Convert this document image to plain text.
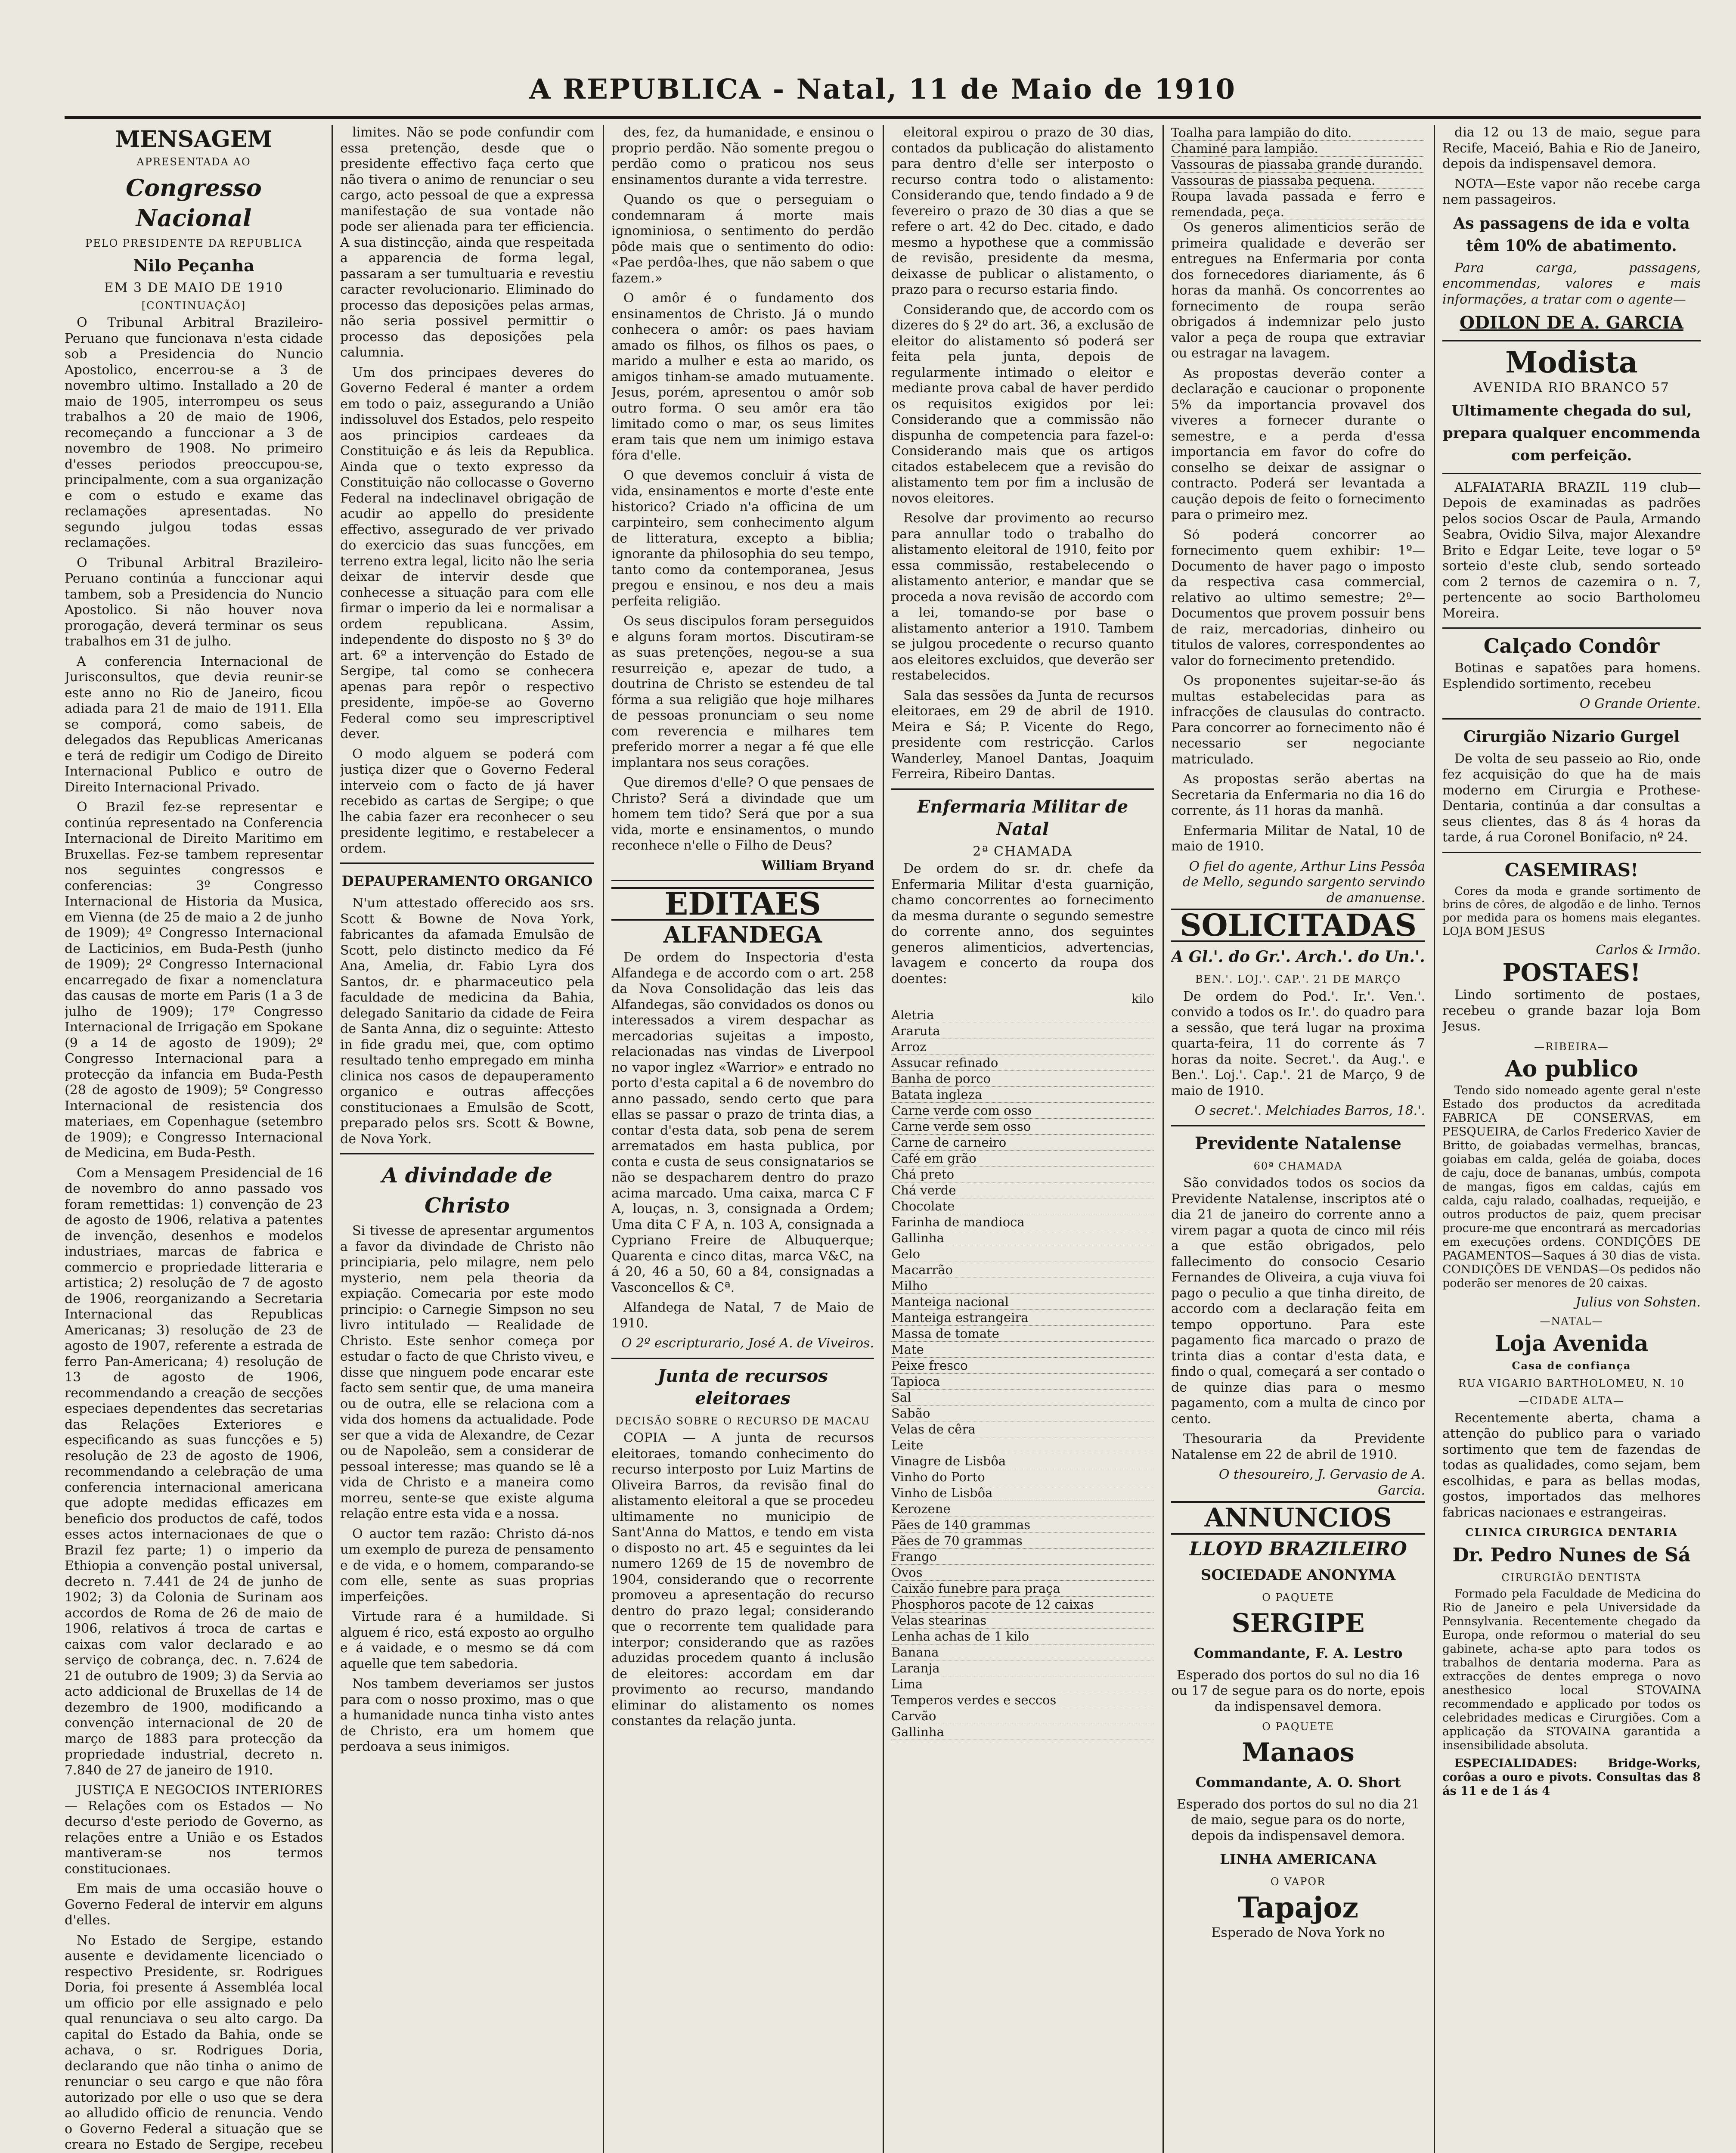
A REPUBLICA - Natal, 11 de Maio de 1910
MENSAGEM
APRESENTADA AO
Congresso Nacional
PELO PRESIDENTE DA REPUBLICA
Nilo Peçanha
EM 3 DE MAIO DE 1910
[CONTINUAÇÃO]

O Tribunal Arbitral Brazileiro-Peruano que funcionava n'esta cidade sob a Presidencia do Nuncio Apostolico, encerrou-se a 3 de novembro ultimo. Installado a 20 de maio de 1905, interrompeu os seus trabalhos a 20 de maio de 1906, recomeçando a funccionar a 3 de novembro de 1908. No primeiro d'esses periodos preoccupou-se, principalmente, com a sua organização e com o estudo e exame das reclamações apresentadas. No segundo julgou todas essas reclamações.

O Tribunal Arbitral Brazileiro-Peruano continúa a funccionar aqui tambem, sob a Presidencia do Nuncio Apostolico. Si não houver nova prorogação, deverá terminar os seus trabalhos em 31 de julho.

A conferencia Internacional de Jurisconsultos, que devia reunir-se este anno no Rio de Janeiro, ficou adiada para 21 de maio de 1911. Ella se comporá, como sabeis, de delegados das Republicas Americanas e terá de redigir um Codigo de Direito Internacional Publico e outro de Direito Internacional Privado.

O Brazil fez-se representar e continúa representado na Conferencia Internacional de Direito Maritimo em Bruxellas. Fez-se tambem representar nos seguintes congressos e conferencias: 3º Congresso Internacional de Historia da Musica, em Vienna (de 25 de maio a 2 de junho de 1909); 4º Congresso Internacional de Lacticinios, em Buda-Pesth (junho de 1909); 2º Congresso Internacional encarregado de fixar a nomenclatura das causas de morte em Paris (1 a 3 de julho de 1909); 17º Congresso Internacional de Irrigação em Spokane (9 a 14 de agosto de 1909); 2º Congresso Internacional para a protecção da infancia em Buda-Pesth (28 de agosto de 1909); 5º Congresso Internacional de resistencia dos materiaes, em Copenhague (setembro de 1909); e Congresso Internacional de Medicina, em Buda-Pesth.

Com a Mensagem Presidencial de 16 de novembro do anno passado vos foram remettidas: 1) convenção de 23 de agosto de 1906, relativa a patentes de invenção, desenhos e modelos industriaes, marcas de fabrica e commercio e propriedade litteraria e artistica; 2) resolução de 7 de agosto de 1906, reorganizando a Secretaria Internacional das Republicas Americanas; 3) resolução de 23 de agosto de 1907, referente a estrada de ferro Pan-Americana; 4) resolução de 13 de agosto de 1906, recommendando a creação de secções especiaes dependentes das secretarias das Relações Exteriores e especificando as suas funcções e 5) resolução de 23 de agosto de 1906, recommendando a celebração de uma conferencia internacional americana que adopte medidas efficazes em beneficio dos productos de café, todos esses actos internacionaes de que o Brazil fez parte; 1) o imperio da Ethiopia a convenção postal universal, decreto n. 7.441 de 24 de junho de 1902; 3) da Colonia de Surinam aos accordos de Roma de 26 de maio de 1906, relativos á troca de cartas e caixas com valor declarado e ao serviço de cobrança, dec. n. 7.624 de 21 de outubro de 1909; 3) da Servia ao acto addicional de Bruxellas de 14 de dezembro de 1900, modificando a convenção internacional de 20 de março de 1883 para protecção da propriedade industrial, decreto n. 7.840 de 27 de janeiro de 1910.

JUSTIÇA E NEGOCIOS INTERIORES — Relações com os Estados — No decurso d'este periodo de Governo, as relações entre a União e os Estados mantiveram-se nos termos constitucionaes.

Em mais de uma occasião houve o Governo Federal de intervir em alguns d'elles.

No Estado de Sergipe, estando ausente e devidamente licenciado o respectivo Presidente, sr. Rodrigues Doria, foi presente á Assembléa local um officio por elle assignado e pelo qual renunciava o seu alto cargo. Da capital do Estado da Bahia, onde se achava, o sr. Rodrigues Doria, declarando que não tinha o animo de renunciar o seu cargo e que não fôra autorizado por elle o uso que se dera ao alludido officio de renuncia. Vendo o Governo Federal a situação que se creara no Estado de Sergipe, recebeu

limites. Não se pode confundir com essa pretenção, desde que o presidente effectivo faça certo que não tivera o animo de renunciar o seu cargo, acto pessoal de que a expressa manifestação de sua vontade não pode ser alienada para ter efficiencia. A sua distincção, ainda que respeitada a apparencia de forma legal, passaram a ser tumultuaria e revestiu caracter revolucionario. Eliminado do processo das deposições pelas armas, não seria possivel permittir o processo das deposições pela calumnia.

Um dos principaes deveres do Governo Federal é manter a ordem em todo o paiz, assegurando a União indissoluvel dos Estados, pelo respeito aos principios cardeaes da Constituição e ás leis da Republica. Ainda que o texto expresso da Constituição não collocasse o Governo Federal na indeclinavel obrigação de acudir ao appello do presidente effectivo, assegurado de ver privado do exercicio das suas funcções, em terreno extra legal, licito não lhe seria deixar de intervir desde que conhecesse a situação para com elle firmar o imperio da lei e normalisar a ordem republicana. Assim, independente do disposto no § 3º do art. 6º a intervenção do Estado de Sergipe, tal como se conhecera apenas para repôr o respectivo presidente, impõe-se ao Governo Federal como seu imprescriptivel dever.

O modo alguem se poderá com justiça dizer que o Governo Federal interveio com o facto de já haver recebido as cartas de Sergipe; o que lhe cabia fazer era reconhecer o seu presidente legitimo, e restabelecer a ordem.

DEPAUPERAMENTO ORGANICO

N'um attestado offerecido aos srs. Scott & Bowne de Nova York, fabricantes da afamada Emulsão de Scott, pelo distincto medico da Fé Ana, Amelia, dr. Fabio Lyra dos Santos, dr. e pharmaceutico pela faculdade de medicina da Bahia, delegado Sanitario da cidade de Feira de Santa Anna, diz o seguinte: Attesto in fide gradu mei, que, com optimo resultado tenho empregado em minha clinica nos casos de depauperamento organico e outras affecções constitucionaes a Emulsão de Scott, preparado pelos srs. Scott & Bowne, de Nova York.

A divindade de Christo

Si tivesse de apresentar argumentos a favor da divindade de Christo não principiaria, pelo milagre, nem pelo mysterio, nem pela theoria da expiação. Comecaria por este modo principio: o Carnegie Simpson no seu livro intitulado — Realidade de Christo. Este senhor começa por estudar o facto de que Christo viveu, e disse que ninguem pode encarar este facto sem sentir que, de uma maneira ou de outra, elle se relaciona com a vida dos homens da actualidade. Pode ser que a vida de Alexandre, de Cezar ou de Napoleão, sem a considerar de pessoal interesse; mas quando se lê a vida de Christo e a maneira como morreu, sente-se que existe alguma relação entre esta vida e a nossa.

O auctor tem razão: Christo dá-nos um exemplo de pureza de pensamento e de vida, e o homem, comparando-se com elle, sente as suas proprias imperfeições.

Virtude rara é a humildade. Si alguem é rico, está exposto ao orgulho e á vaidade, e o mesmo se dá com aquelle que tem sabedoria.

Nos tambem deveriamos ser justos para com o nosso proximo, mas o que a humanidade nunca tinha visto antes de Christo, era um homem que perdoava a seus inimigos.

des, fez, da humanidade, e ensinou o proprio perdão. Não somente pregou o perdão como o praticou nos seus ensinamentos durante a vida terrestre.

Quando os que o perseguiam o condemnaram á morte mais ignominiosa, o sentimento do perdão pôde mais que o sentimento do odio: «Pae perdôa-lhes, que não sabem o que fazem.»

O amôr é o fundamento dos ensinamentos de Christo. Já o mundo conhecera o amôr: os paes haviam amado os filhos, os filhos os paes, o marido a mulher e esta ao marido, os amigos tinham-se amado mutuamente. Jesus, porém, apresentou o amôr sob outro forma. O seu amôr era tão limitado como o mar, os seus limites eram tais que nem um inimigo estava fóra d'elle.

O que devemos concluir á vista de vida, ensinamentos e morte d'este ente historico? Criado n'a officina de um carpinteiro, sem conhecimento algum de litteratura, excepto a biblia; ignorante da philosophia do seu tempo, tanto como da contemporanea, Jesus pregou e ensinou, e nos deu a mais perfeita religião.

Os seus discipulos foram perseguidos e alguns foram mortos. Discutiram-se as suas pretenções, negou-se a sua resurreição e, apezar de tudo, a doutrina de Christo se estendeu de tal fórma a sua religião que hoje milhares de pessoas pronunciam o seu nome com reverencia e milhares tem preferido morrer a negar a fé que elle implantara nos seus corações.

Que diremos d'elle? O que pensaes de Christo? Será a divindade que um homem tem tido? Será que por a sua vida, morte e ensinamentos, o mundo reconhece n'elle o Filho de Deus?

William Bryand
EDITAES
ALFANDEGA

De ordem do Inspectoria d'esta Alfandega e de accordo com o art. 258 da Nova Consolidação das leis das Alfandegas, são convidados os donos ou interessados a virem despachar as mercadorias sujeitas a imposto, relacionadas nas vindas de Liverpool no vapor inglez «Warrior» e entrado no porto d'esta capital a 6 de novembro do anno passado, sendo certo que para ellas se passar o prazo de trinta dias, a contar d'esta data, sob pena de serem arrematados em hasta publica, por conta e custa de seus consignatarios se não se despacharem dentro do prazo acima marcado. Uma caixa, marca C F A, louças, n. 3, consignada a Ordem; Uma dita C F A, n. 103 A, consignada a Cypriano Freire de Albuquerque; Quarenta e cinco ditas, marca V&C, na á 20, 46 a 50, 60 a 84, consignadas a Vasconcellos & Cª.

Alfandega de Natal, 7 de Maio de 1910.

O 2º escripturario, José A. de Viveiros.
Junta de recursos eleitoraes
DECISÃO SOBRE O RECURSO DE MACAU

COPIA — A junta de recursos eleitoraes, tomando conhecimento do recurso interposto por Luiz Martins de Oliveira Barros, da revisão final do alistamento eleitoral a que se procedeu ultimamente no municipio de Sant'Anna do Mattos, e tendo em vista o disposto no art. 45 e seguintes da lei numero 1269 de 15 de novembro de 1904, considerando que o recorrente promoveu a apresentação do recurso dentro do prazo legal; considerando que o recorrente tem qualidade para interpor; considerando que as razões aduzidas procedem quanto á inclusão de eleitores: accordam em dar provimento ao recurso, mandando eliminar do alistamento os nomes constantes da relação junta.

eleitoral expirou o prazo de 30 dias, contados da publicação do alistamento para dentro d'elle ser interposto o recurso contra todo o alistamento: Considerando que, tendo findado a 9 de fevereiro o prazo de 30 dias a que se refere o art. 42 do Dec. citado, e dado mesmo a hypothese que a commissão de revisão, presidente da mesma, deixasse de publicar o alistamento, o prazo para o recurso estaria findo.

Considerando que, de accordo com os dizeres do § 2º do art. 36, a exclusão de eleitor do alistamento só poderá ser feita pela junta, depois de regularmente intimado o eleitor e mediante prova cabal de haver perdido os requisitos exigidos por lei: Considerando que a commissão não dispunha de competencia para fazel-o: Considerando mais que os artigos citados estabelecem que a revisão do alistamento tem por fim a inclusão de novos eleitores.

Resolve dar provimento ao recurso para annullar todo o trabalho do alistamento eleitoral de 1910, feito por essa commissão, restabelecendo o alistamento anterior, e mandar que se proceda a nova revisão de accordo com a lei, tomando-se por base o alistamento anterior a 1910. Tambem se julgou procedente o recurso quanto aos eleitores excluidos, que deverão ser restabelecidos.

Sala das sessões da Junta de recursos eleitoraes, em 29 de abril de 1910. Meira e Sá; P. Vicente do Rego, presidente com restricção. Carlos Wanderley, Manoel Dantas, Joaquim Ferreira, Ribeiro Dantas.

Enfermaria Militar de Natal
2ª CHAMADA

De ordem do sr. dr. chefe da Enfermaria Militar d'esta guarnição, chamo concorrentes ao fornecimento da mesma durante o segundo semestre do corrente anno, dos seguintes generos alimenticios, advertencias, lavagem e concerto da roupa dos doentes:

kilo
Aletria
Araruta
Arroz
Assucar refinado
Banha de porco
Batata ingleza
Carne verde com osso
Carne verde sem osso
Carne de carneiro
Café em grão
Chá preto
Chá verde
Chocolate
Farinha de mandioca
Gallinha
Gelo
Macarrão
Milho
Manteiga nacional
Manteiga estrangeira
Massa de tomate
Mate
Peixe fresco
Tapioca
Sal
Sabão
Velas de cêra
Leite
Vinagre de Lisbôa
Vinho do Porto
Vinho de Lisbôa
Kerozene
Pães de 140 grammas
Pães de 70 grammas
Frango
Ovos
Caixão funebre para praça
Phosphoros pacote de 12 caixas
Velas stearinas
Lenha achas de 1 kilo
Banana
Laranja
Lima
Temperos verdes e seccos
Carvão
Gallinha
Toalha para lampião do dito.
Chaminé para lampião.
Vassouras de piassaba grande durando.
Vassouras de piassaba pequena.
Roupa lavada passada e ferro e remendada, peça.

Os generos alimenticios serão de primeira qualidade e deverão ser entregues na Enfermaria por conta dos fornecedores diariamente, ás 6 horas da manhã. Os concorrentes ao fornecimento de roupa serão obrigados á indemnizar pelo justo valor a peça de roupa que extraviar ou estragar na lavagem.

As propostas deverão conter a declaração e caucionar o proponente 5% da importancia provavel dos viveres a fornecer durante o semestre, e a perda d'essa importancia em favor do cofre do conselho se deixar de assignar o contracto. Poderá ser levantada a caução depois de feito o fornecimento para o primeiro mez.

Só poderá concorrer ao fornecimento quem exhibir: 1º—Documento de haver pago o imposto da respectiva casa commercial, relativo ao ultimo semestre; 2º—Documentos que provem possuir bens de raiz, mercadorias, dinheiro ou titulos de valores, correspondentes ao valor do fornecimento pretendido.

Os proponentes sujeitar-se-ão ás multas estabelecidas para as infracções de clausulas do contracto. Para concorrer ao fornecimento não é necessario ser negociante matriculado.

As propostas serão abertas na Secretaria da Enfermaria no dia 16 do corrente, ás 11 horas da manhã.

Enfermaria Militar de Natal, 10 de maio de 1910.

O fiel do agente, Arthur Lins Pessôa de Mello, segundo sargento servindo de amanuense.
SOLICITADAS
A Gl.'. do Gr.'. Arch.'. do Un.'.
BEN.'. LOJ.'. CAP.'. 21 DE MARÇO

De ordem do Pod.'. Ir.'. Ven.'. convido a todos os Ir.'. do quadro para a sessão, que terá lugar na proxima quarta-feira, 11 do corrente ás 7 horas da noite. Secret.'. da Aug.'. e Ben.'. Loj.'. Cap.'. 21 de Março, 9 de maio de 1910.

O secret.'. Melchiades Barros, 18.'.
Previdente Natalense
60ª CHAMADA

São convidados todos os socios da Previdente Natalense, inscriptos até o dia 21 de janeiro do corrente anno a virem pagar a quota de cinco mil réis a que estão obrigados, pelo fallecimento do consocio Cesario Fernandes de Oliveira, a cuja viuva foi pago o peculio a que tinha direito, de accordo com a declaração feita em tempo opportuno. Para este pagamento fica marcado o prazo de trinta dias a contar d'esta data, e findo o qual, começará a ser contado o de quinze dias para o mesmo pagamento, com a multa de cinco por cento.

Thesouraria da Previdente Natalense em 22 de abril de 1910.

O thesoureiro, J. Gervasio de A. Garcia.
ANNUNCIOS
LLOYD BRAZILEIRO
SOCIEDADE ANONYMA
O PAQUETE
SERGIPE
Commandante, F. A. Lestro

Esperado dos portos do sul no dia 16 ou 17 de segue para os do norte, epois da indispensavel demora.

O PAQUETE
Manaos
Commandante, A. O. Short

Esperado dos portos do sul no dia 21 de maio, segue para os do norte, depois da indispensavel demora.

LINHA AMERICANA
O VAPOR
Tapajoz

Esperado de Nova York no

dia 12 ou 13 de maio, segue para Recife, Maceió, Bahia e Rio de Janeiro, depois da indispensavel demora.

NOTA—Este vapor não recebe carga nem passageiros.

As passagens de ida e volta têm 10% de abatimento.

Para carga, passagens, encommendas, valores e mais informações, a tratar com o agente—

ODILON DE A. GARCIA
Modista
AVENIDA RIO BRANCO 57
Ultimamente chegada do sul, prepara qualquer encommenda com perfeição.

ALFAIATARIA BRAZIL 119 club—Depois de examinadas as padrões pelos socios Oscar de Paula, Armando Seabra, Ovidio Silva, major Alexandre Brito e Edgar Leite, teve logar o 5º sorteio d'este club, sendo sorteado com 2 ternos de cazemira o n. 7, pertencente ao socio Bartholomeu Moreira.

Calçado Condôr

Botinas e sapatões para homens. Esplendido sortimento, recebeu

O Grande Oriente.
Cirurgião Nizario Gurgel

De volta de seu passeio ao Rio, onde fez acquisição do que ha de mais moderno em Cirurgia e Prothese-Dentaria, continúa a dar consultas a seus clientes, das 8 ás 4 horas da tarde, á rua Coronel Bonifacio, nº 24.

CASEMIRAS!

Cores da moda e grande sortimento de brins de côres, de algodão e de linho. Ternos por medida para os homens mais elegantes. LOJA BOM JESUS

Carlos & Irmão.
POSTAES!

Lindo sortimento de postaes, recebeu o grande bazar loja Bom Jesus.

—RIBEIRA—
Ao publico

Tendo sido nomeado agente geral n'este Estado dos productos da acreditada FABRICA DE CONSERVAS, em PESQUEIRA, de Carlos Frederico Xavier de Britto, de goiabadas vermelhas, brancas, goiabas em calda, geléa de goiaba, doces de caju, doce de bananas, umbús, compota de mangas, figos em caldas, cajús em calda, caju ralado, coalhadas, requeijão, e outros productos de paiz, quem precisar procure-me que encontrará as mercadorias em execuções ordens. CONDIÇÕES DE PAGAMENTOS—Saques á 30 dias de vista. CONDIÇÕES DE VENDAS—Os pedidos não poderão ser menores de 20 caixas.

Julius von Sohsten.
—NATAL—
Loja Avenida
Casa de confiança
RUA VIGARIO BARTHOLOMEU, N. 10
—CIDADE ALTA—

Recentemente aberta, chama a attenção do publico para o variado sortimento que tem de fazendas de todas as qualidades, como sejam, bem escolhidas, e para as bellas modas, gostos, importados das melhores fabricas nacionaes e estrangeiras.

CLINICA CIRURGICA DENTARIA
Dr. Pedro Nunes de Sá
CIRURGIÃO DENTISTA

Formado pela Faculdade de Medicina do Rio de Janeiro e pela Universidade da Pennsylvania. Recentemente chegado da Europa, onde reformou o material do seu gabinete, acha-se apto para todos os trabalhos de dentaria moderna. Para as extracções de dentes emprega o novo anesthesico local STOVAINA recommendado e applicado por todos os celebridades medicas e Cirurgiões. Com a applicação da STOVAINA garantida a insensibilidade absoluta.

ESPECIALIDADES: Bridge-Works, corôas a ouro e pivots. Consultas das 8 ás 11 e de 1 ás 4
